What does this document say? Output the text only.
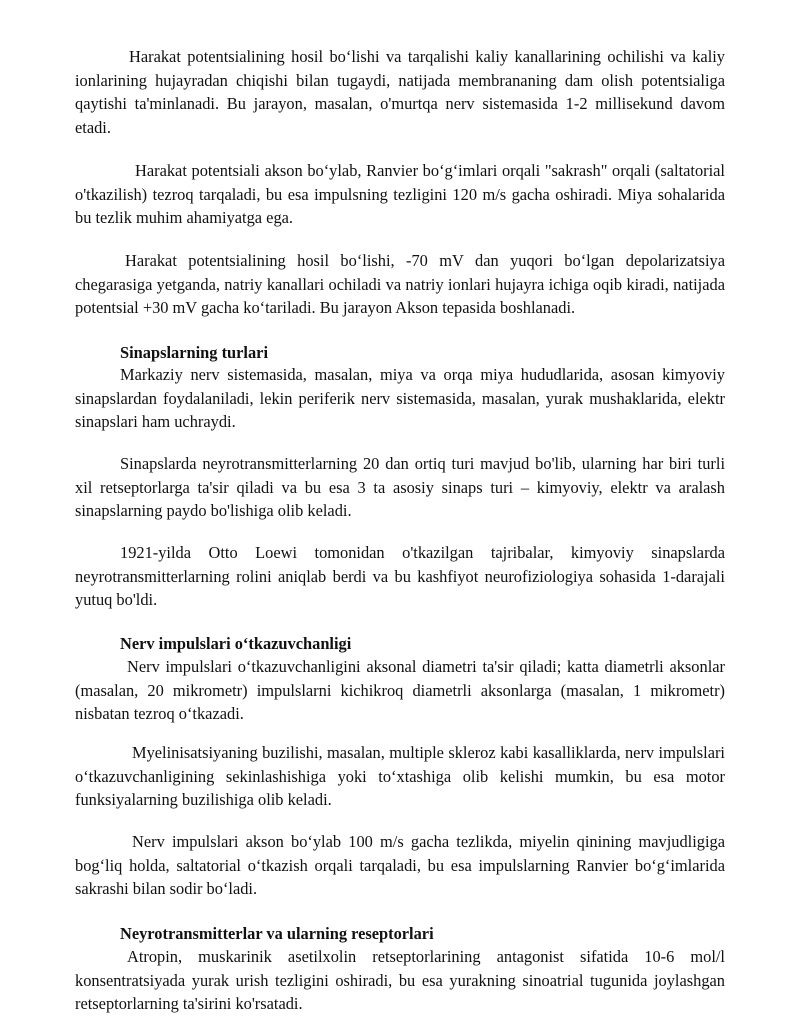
Harakat potentsialining hosil bo‘lishi va tarqalishi kaliy kanallarining ochilishi va kaliy ionlarining hujayradan chiqishi bilan tugaydi, natijada membrananing dam olish potentsialiga qaytishi ta'minlanadi. Bu jarayon, masalan, o'murtqa nerv sistemasida 1-2 millisekund davom etadi.

Harakat potentsiali akson bo‘ylab, Ranvier bo‘g‘imlari orqali "sakrash" orqali (saltatorial o'tkazilish) tezroq tarqaladi, bu esa impulsning tezligini 120 m/s gacha oshiradi. Miya sohalarida bu tezlik muhim ahamiyatga ega.

Harakat potentsialining hosil bo‘lishi, -70 mV dan yuqori bo‘lgan depolarizatsiya chegarasiga yetganda, natriy kanallari ochiladi va natriy ionlari hujayra ichiga oqib kiradi, natijada potentsial +30 mV gacha ko‘tariladi. Bu jarayon Akson tepasida boshlanadi.

Sinapslarning turlari

Markaziy nerv sistemasida, masalan, miya va orqa miya hududlarida, asosan kimyoviy sinapslardan foydalaniladi, lekin periferik nerv sistemasida, masalan, yurak mushaklarida, elektr sinapslari ham uchraydi.

Sinapslarda neyrotransmitterlarning 20 dan ortiq turi mavjud bo'lib, ularning har biri turli xil retseptorlarga ta'sir qiladi va bu esa 3 ta asosiy sinaps turi – kimyoviy, elektr va aralash sinapslarning paydo bo'lishiga olib keladi.

1921-yilda Otto Loewi tomonidan o'tkazilgan tajribalar, kimyoviy sinapslarda neyrotransmitterlarning rolini aniqlab berdi va bu kashfiyot neurofiziologiya sohasida 1-darajali yutuq bo'ldi.

Nerv impulslari o‘tkazuvchanligi

Nerv impulslari o‘tkazuvchanligini aksonal diametri ta'sir qiladi; katta diametrli aksonlar (masalan, 20 mikrometr) impulslarni kichikroq diametrli aksonlarga (masalan, 1 mikrometr) nisbatan tezroq o‘tkazadi.

Myelinisatsiyaning buzilishi, masalan, multiple skleroz kabi kasalliklarda, nerv impulslari o‘tkazuvchanligining sekinlashishiga yoki to‘xtashiga olib kelishi mumkin, bu esa motor funksiyalarning buzilishiga olib keladi.

Nerv impulslari akson bo‘ylab 100 m/s gacha tezlikda, miyelin qinining mavjudligiga bog‘liq holda, saltatorial o‘tkazish orqali tarqaladi, bu esa impulslarning Ranvier bo‘g‘imlarida sakrashi bilan sodir bo‘ladi.

Neyrotransmitterlar va ularning reseptorlari

Atropin, muskarinik asetilxolin retseptorlarining antagonist sifatida 10-6 mol/l konsentratsiyada yurak urish tezligini oshiradi, bu esa yurakning sinoatrial tugunida joylashgan retseptorlarning ta'sirini ko'rsatadi.
